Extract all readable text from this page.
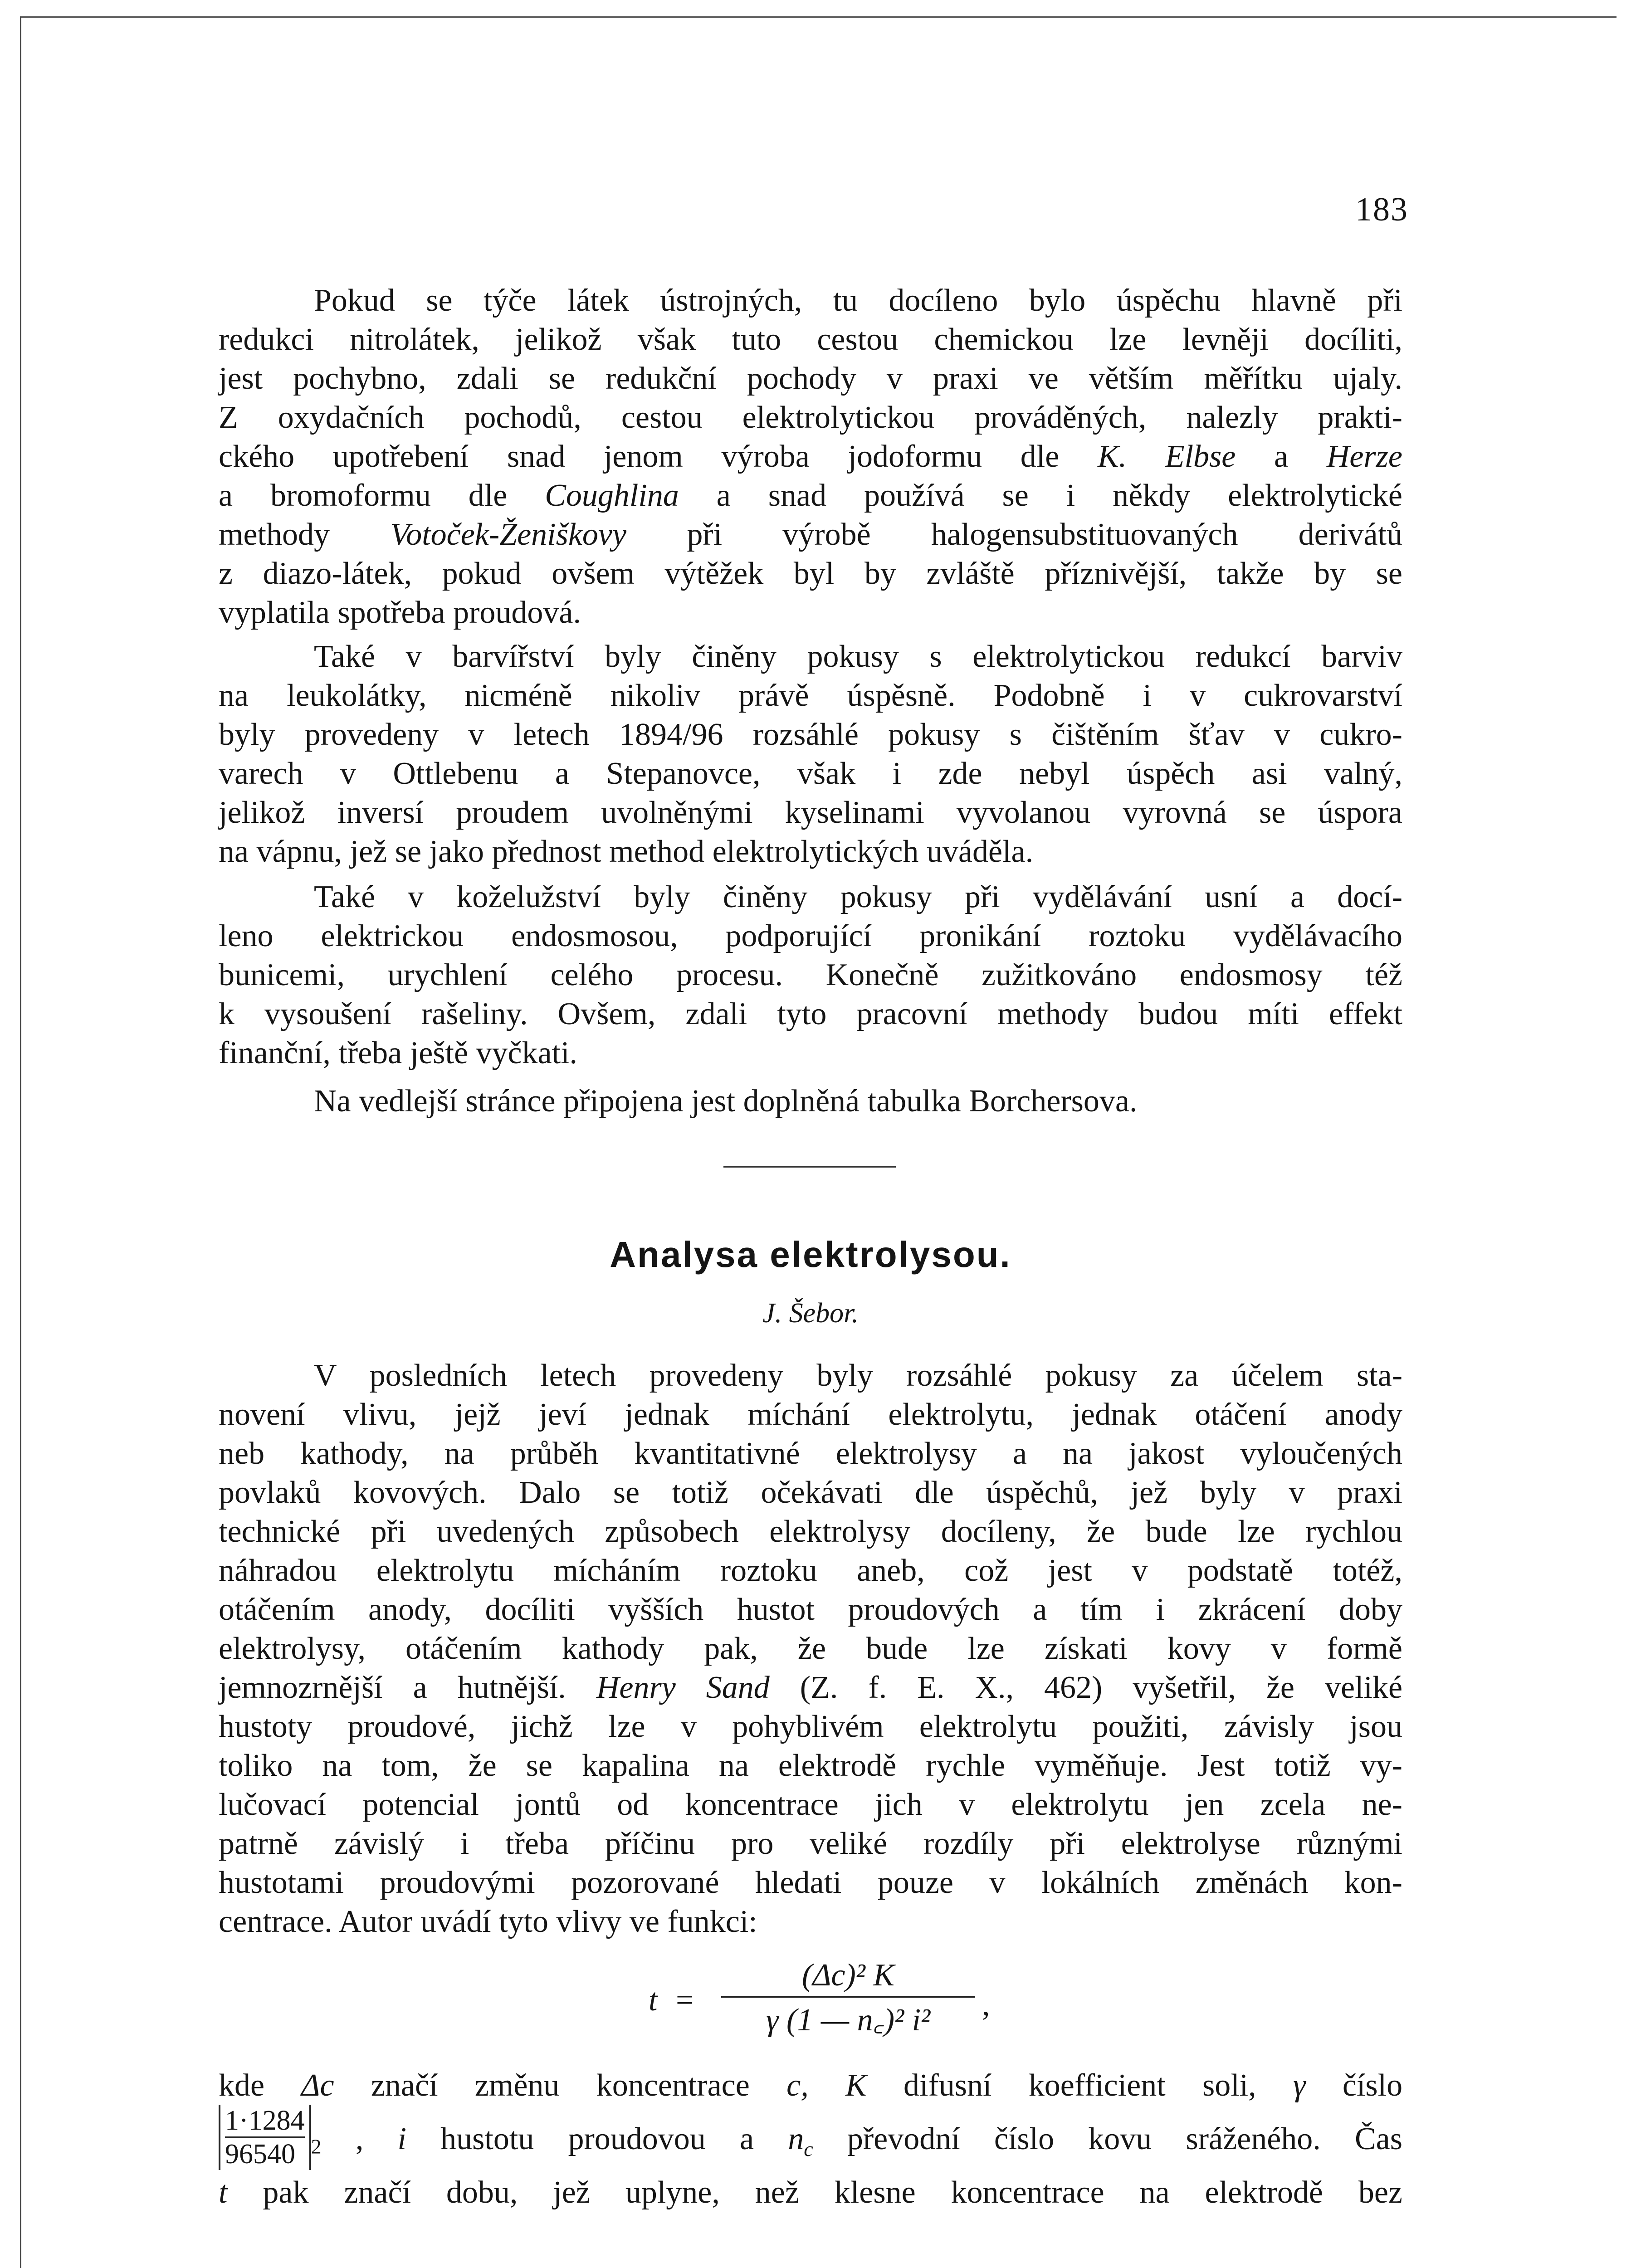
183
Pokud se týče látek ústrojných, tu docíleno bylo úspěchu hlavně při
redukci nitrolátek, jelikož však tuto cestou chemickou lze levněji docíliti,
jest pochybno, zdali se redukční pochody v praxi ve větším měřítku ujaly.
Z oxydačních pochodů, cestou elektrolytickou prováděných, nalezly prakti-
ckého upotřebení snad jenom výroba jodoformu dle K. Elbse a Herze
a bromoformu dle Coughlina a snad používá se i někdy elektrolytické
methody Votoček-Ženiškovy při výrobě halogensubstituovaných derivátů
z diazo-látek, pokud ovšem výtěžek byl by zvláště příznivější, takže by se
vyplatila spotřeba proudová.
Také v barvířství byly činěny pokusy s elektrolytickou redukcí barviv
na leukolátky, nicméně nikoliv právě úspěsně. Podobně i v cukrovarství
byly provedeny v letech 1894/96 rozsáhlé pokusy s čištěním šťav v cukro-
varech v Ottlebenu a Stepanovce, však i zde nebyl úspěch asi valný,
jelikož inversí proudem uvolněnými kyselinami vyvolanou vyrovná se úspora
na vápnu, jež se jako přednost method elektrolytických uváděla.
Také v koželužství byly činěny pokusy při vydělávání usní a docí-
leno elektrickou endosmosou, podporující pronikání roztoku vydělávacího
bunicemi, urychlení celého procesu. Konečně zužitkováno endosmosy též
k vysoušení rašeliny. Ovšem, zdali tyto pracovní methody budou míti effekt
finanční, třeba ještě vyčkati.
Na vedlejší stránce připojena jest doplněná tabulka Borchersova.
Analysa elektrolysou.
J. Šebor.
V posledních letech provedeny byly rozsáhlé pokusy za účelem sta-
novení vlivu, jejž jeví jednak míchání elektrolytu, jednak otáčení anody
neb kathody, na průběh kvantitativné elektrolysy a na jakost vyloučených
povlaků kovových. Dalo se totiž očekávati dle úspěchů, jež byly v praxi
technické při uvedených způsobech elektrolysy docíleny, že bude lze rychlou
náhradou elektrolytu mícháním roztoku aneb, což jest v podstatě totéž,
otáčením anody, docíliti vyšších hustot proudových a tím i zkrácení doby
elektrolysy, otáčením kathody pak, že bude lze získati kovy v formě
jemnozrnější a hutnější. Henry Sand (Z. f. E. X., 462) vyšetřil, že veliké
hustoty proudové, jichž lze v pohyblivém elektrolytu použiti, závisly jsou
toliko na tom, že se kapalina na elektrodě rychle vyměňuje. Jest totiž vy-
lučovací potencial jontů od koncentrace jich v elektrolytu jen zcela ne-
patrně závislý i třeba příčinu pro veliké rozdíly při elektrolyse různými
hustotami proudovými pozorované hledati pouze v lokálních změnách kon-
centrace. Autor uvádí tyto vlivy ve funkci:
t =
(Δc)² K
γ (1 — n꜀)² i²	,
kde Δc značí změnu koncentrace c, K difusní koefficient soli, γ číslo
$\frac{1\cdot 1284}{96540} ^2$ , i hustotu proudovou a $n_c$ převodní číslo kovu sráženého. Čas
t pak značí dobu, jež uplyne, než klesne koncentrace na elektrodě bez
